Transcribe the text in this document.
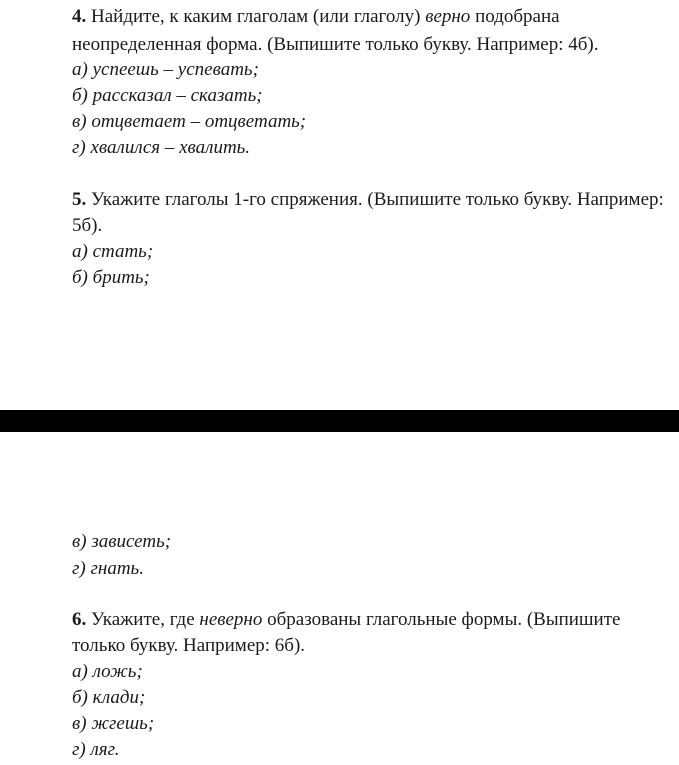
4. Найдите, к каким глаголам (или глаголу) верно подобрана
неопределенная форма. (Выпишите только букву. Например: 4б).
а) успеешь – успевать;
б) рассказал – сказать;
в) отцветает – отцветать;
г) хвалился – хвалить.
5. Укажите глаголы 1-го спряжения. (Выпишите только букву. Например:
5б).
а) стать;
б) брить;
в) зависеть;
г) гнать.
6. Укажите, где неверно образованы глагольные формы. (Выпишите
только букву. Например: 6б).
а) ложь;
б) клади;
в) жгешь;
г) ляг.
